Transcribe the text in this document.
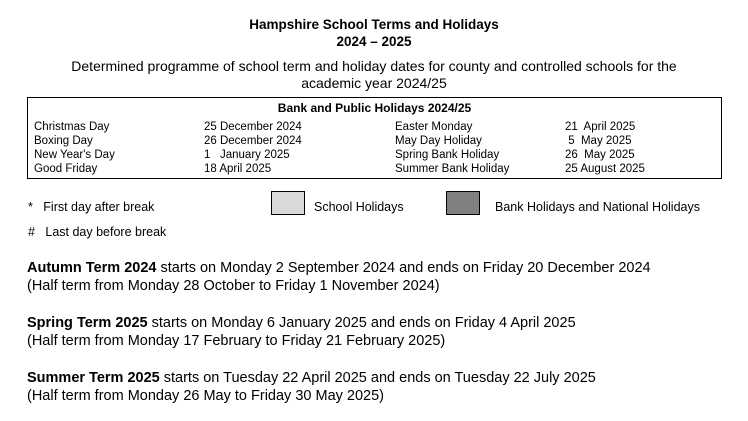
Hampshire School Terms and Holidays
2024 – 2025
Determined programme of school term and holiday dates for county and controlled schools for the academic year 2024/25
Bank and Public Holidays 2024/25
Christmas Day	25 December 2024	Easter Monday	21  April 2025
Boxing Day	26 December 2024	May Day Holiday	5  May 2025
New Year's Day	1   January 2025	Spring Bank Holiday	26  May 2025
Good Friday	18 April 2025	Summer Bank Holiday	25 August 2025
*   First day after break
#   Last day before break
School Holidays	Bank Holidays and National Holidays
Autumn Term 2024 starts on Monday 2 September 2024 and ends on Friday 20 December 2024
(Half term from Monday 28 October to Friday 1 November 2024)
Spring Term 2025 starts on Monday 6 January 2025 and ends on Friday 4 April 2025
(Half term from Monday 17 February to Friday 21 February 2025)
Summer Term 2025 starts on Tuesday 22 April 2025 and ends on Tuesday 22 July 2025
(Half term from Monday 26 May to Friday 30 May 2025)
